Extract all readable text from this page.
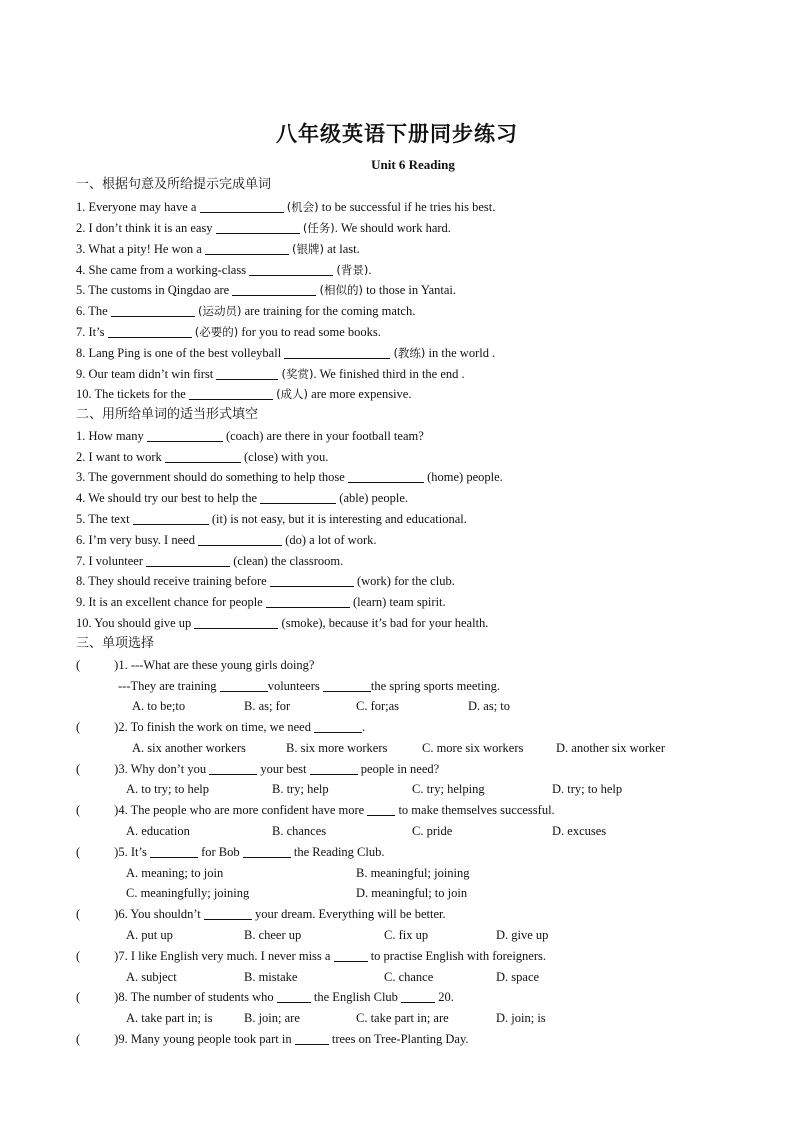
八年级英语下册同步练习
Unit 6 Reading
一、根据句意及所给提示完成单词
1. Everyone may have a	(机会) to be successful if he tries his best.
2. I don’t think it is an easy	(任务). We should work hard.
3. What a pity! He won a	(银牌) at last.
4. She came from a working-class	(背景).
5. The customs in Qingdao are	(相似的) to those in Yantai.
6. The	(运动员) are training for the coming match.
7. It’s	(必要的) for you to read some books.
8. Lang Ping is one of the best volleyball	(教练) in the world .
9. Our team didn’t win first	(奖赏). We finished third in the end .
10. The tickets for the	(成人) are more expensive.
二、用所给单词的适当形式填空
1. How many	(coach) are there in your football team?
2. I want to work	(close) with you.
3. The government should do something to help those	(home) people.
4. We should try our best to help the	(able) people.
5. The text	(it) is not easy, but it is interesting and educational.
6. I’m very busy. I need	(do) a lot of work.
7. I volunteer	(clean) the classroom.
8. They should receive training before	(work) for the club.
9. It is an excellent chance for people	(learn) team spirit.
10. You should give up	(smoke), because it’s bad for your health.
三、单项选择
(	)1. ---What are these young girls doing?
---They are training	volunteers	the spring sports meeting.
A. to be;to	B. as; for	C. for;as	D. as; to
(	)2. To finish the work on time, we need	.
A. six another workers	B. six more workers	C. more six workers	D. another six worker
(	)3. Why don’t you	your best	people in need?
A. to try; to help	B. try; help	C. try; helping	D. try; to help
(	)4. The people who are more confident have more  to make themselves successful.
A. education	B. chances	C. pride	D. excuses
(	)5. It’s	for Bob	the Reading Club.
A. meaning; to join	B. meaningful; joining
C. meaningfully; joining	D. meaningful; to join
(	)6. You shouldn’t	your dream. Everything will be better.
A. put up	B. cheer up	C. fix up	D. give up
(	)7. I like English very much. I never miss a	to practise English with foreigners.
A. subject	B. mistake	C. chance	D. space
(	)8. The number of students who	the English Club	20.
A. take part in; is	B. join; are	C. take part in; are	D. join; is
(	)9. Many young people took part in	trees on Tree-Planting Day.
